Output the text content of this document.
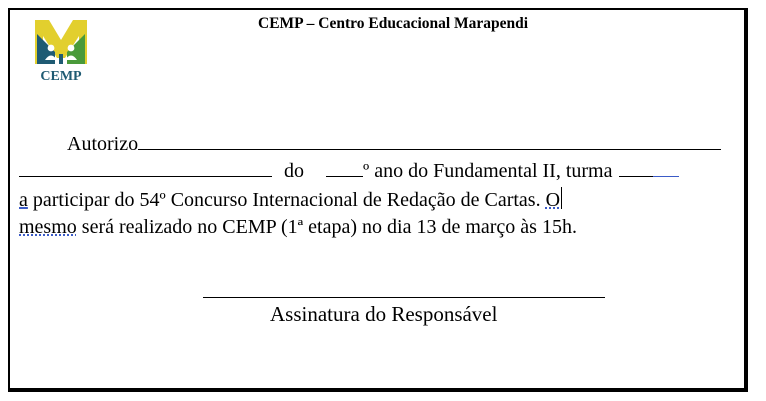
CEMP
CEMP – Centro Educacional Marapendi
Autorizo
do	º ano do Fundamental II, turma
a participar do 54º Concurso Internacional de Redação de Cartas. O
mesmo será realizado no CEMP (1ª etapa) no dia 13 de março às 15h.
Assinatura do Responsável
